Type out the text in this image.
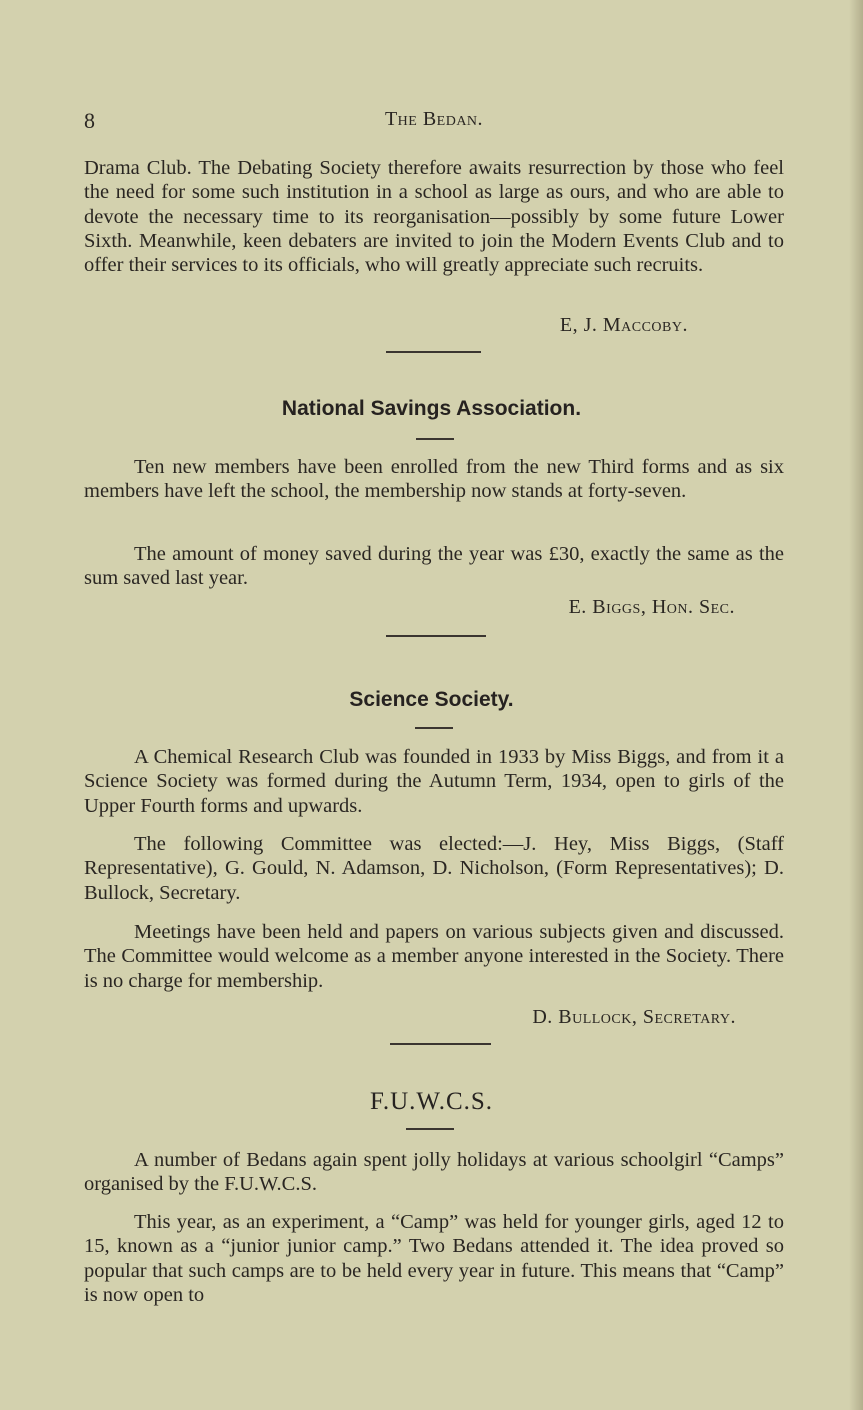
8	The Bedan.

Drama Club. The Debating Society therefore awaits resurrection by those who feel the need for some such institution in a school as large as ours, and who are able to devote the necessary time to its reorganisation—possibly by some future Lower Sixth. Meanwhile, keen debaters are invited to join the Modern Events Club and to offer their services to its officials, who will greatly appreciate such recruits.

E, J. Maccoby.

National Savings Association.

Ten new members have been enrolled from the new Third forms and as six members have left the school, the membership now stands at forty-seven.

The amount of money saved during the year was £30, exactly the same as the sum saved last year.

E. Biggs, Hon. Sec.

Science Society.

A Chemical Research Club was founded in 1933 by Miss Biggs, and from it a Science Society was formed during the Autumn Term, 1934, open to girls of the Upper Fourth forms and upwards.

The following Committee was elected:—J. Hey, Miss Biggs, (Staff Representative), G. Gould, N. Adamson, D. Nicholson, (Form Representatives); D. Bullock, Secretary.

Meetings have been held and papers on various subjects given and discussed. The Committee would welcome as a member anyone interested in the Society. There is no charge for membership.

D. Bullock, Secretary.

F.U.W.C.S.

A number of Bedans again spent jolly holidays at various schoolgirl “Camps” organised by the F.U.W.C.S.

This year, as an experiment, a “Camp” was held for younger girls, aged 12 to 15, known as a “junior junior camp.” Two Bedans attended it. The idea proved so popular that such camps are to be held every year in future. This means that “Camp” is now open to
